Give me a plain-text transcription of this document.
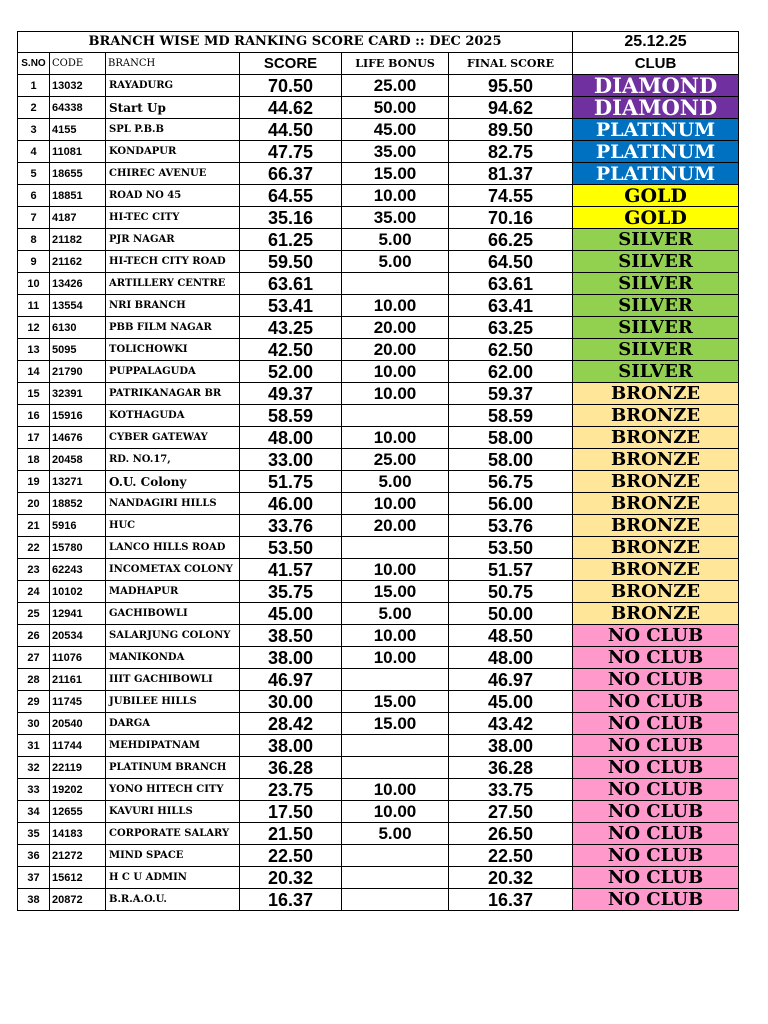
BRANCH WISE MD RANKING SCORE CARD :: DEC 2025						25.12.25
S.NO	CODE	BRANCH	SCORE	LIFE BONUS	FINAL SCORE	CLUB
1	13032	RAYADURG	70.50	25.00	95.50	DIAMOND
2	64338	Start Up	44.62	50.00	94.62	DIAMOND
3	4155	SPL P.B.B	44.50	45.00	89.50	PLATINUM
4	11081	KONDAPUR	47.75	35.00	82.75	PLATINUM
5	18655	CHIREC AVENUE	66.37	15.00	81.37	PLATINUM
6	18851	ROAD NO 45	64.55	10.00	74.55	GOLD
7	4187	HI-TEC CITY	35.16	35.00	70.16	GOLD
8	21182	PJR NAGAR	61.25	5.00	66.25	SILVER
9	21162	HI-TECH CITY ROAD	59.50	5.00	64.50	SILVER
10	13426	ARTILLERY CENTRE	63.61		63.61	SILVER
11	13554	NRI BRANCH	53.41	10.00	63.41	SILVER
12	6130	PBB FILM NAGAR	43.25	20.00	63.25	SILVER
13	5095	TOLICHOWKI	42.50	20.00	62.50	SILVER
14	21790	PUPPALAGUDA	52.00	10.00	62.00	SILVER
15	32391	PATRIKANAGAR BR	49.37	10.00	59.37	BRONZE
16	15916	KOTHAGUDA	58.59		58.59	BRONZE
17	14676	CYBER GATEWAY	48.00	10.00	58.00	BRONZE
18	20458	RD. NO.17,	33.00	25.00	58.00	BRONZE
19	13271	O.U. Colony	51.75	5.00	56.75	BRONZE
20	18852	NANDAGIRI HILLS	46.00	10.00	56.00	BRONZE
21	5916	HUC	33.76	20.00	53.76	BRONZE
22	15780	LANCO HILLS ROAD	53.50		53.50	BRONZE
23	62243	INCOMETAX COLONY	41.57	10.00	51.57	BRONZE
24	10102	MADHAPUR	35.75	15.00	50.75	BRONZE
25	12941	GACHIBOWLI	45.00	5.00	50.00	BRONZE
26	20534	SALARJUNG COLONY	38.50	10.00	48.50	NO CLUB
27	11076	MANIKONDA	38.00	10.00	48.00	NO CLUB
28	21161	IIIT GACHIBOWLI	46.97		46.97	NO CLUB
29	11745	JUBILEE HILLS	30.00	15.00	45.00	NO CLUB
30	20540	DARGA	28.42	15.00	43.42	NO CLUB
31	11744	MEHDIPATNAM	38.00		38.00	NO CLUB
32	22119	PLATINUM BRANCH	36.28		36.28	NO CLUB
33	19202	YONO HITECH CITY	23.75	10.00	33.75	NO CLUB
34	12655	KAVURI HILLS	17.50	10.00	27.50	NO CLUB
35	14183	CORPORATE SALARY	21.50	5.00	26.50	NO CLUB
36	21272	MIND SPACE	22.50		22.50	NO CLUB
37	15612	H C U ADMIN	20.32		20.32	NO CLUB
38	20872	B.R.A.O.U.	16.37		16.37	NO CLUB
